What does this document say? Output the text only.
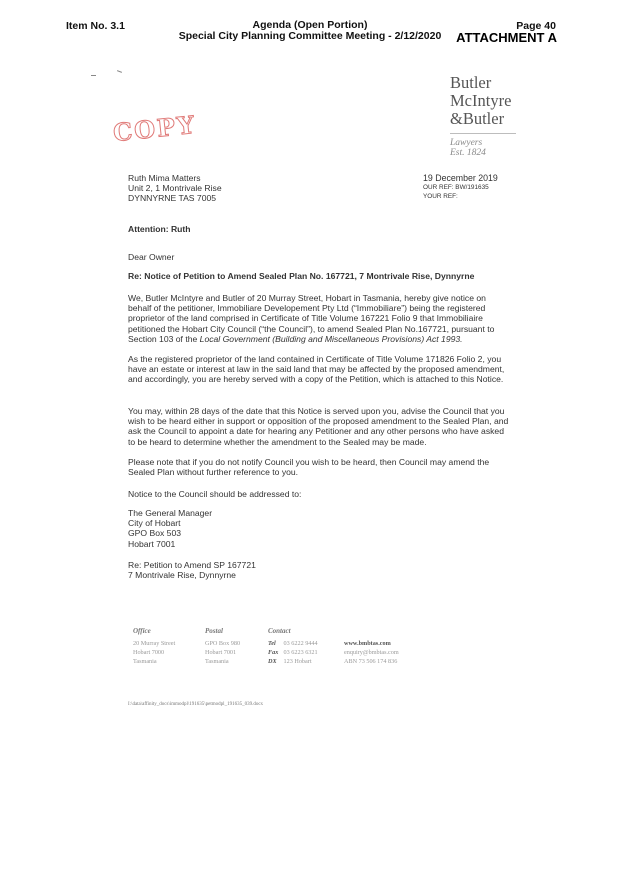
Item No. 3.1	Agenda (Open Portion)
Special City Planning Committee Meeting - 2/12/2020
Page 40
ATTACHMENT A
COPY
Butler
McIntyre
&Butler
Lawyers
Est. 1824
Ruth Mima Matters
Unit 2, 1 Montrivale Rise
DYNNYRNE TAS 7005
19 December 2019
OUR REF: BW/191635
YOUR REF:
Attention: Ruth
Dear Owner
Re: Notice of Petition to Amend Sealed Plan No. 167721, 7 Montrivale Rise, Dynnyrne
We, Butler McIntyre and Butler of 20 Murray Street, Hobart in Tasmania, hereby give notice on behalf of the petitioner, Immobiliare Developement Pty Ltd (“Immobiliare”) being the registered proprietor of the land comprised in Certificate of Title Volume 167221 Folio 9 that Immobiliaire petitioned the Hobart City Council (“the Council”), to amend Sealed Plan No.167721, pursuant to Section 103 of the Local Government (Building and Miscellaneous Provisions) Act 1993.
As the registered proprietor of the land contained in Certificate of Title Volume 171826 Folio 2, you have an estate or interest at law in the said land that may be affected by the proposed amendment, and accordingly, you are hereby served with a copy of the Petition, which is attached to this Notice.
You may, within 28 days of the date that this Notice is served upon you, advise the Council that you wish to be heard either in support or opposition of the proposed amendment to the Sealed Plan, and ask the Council to appoint a date for hearing any Petitioner and any other persons who have asked to be heard to determine whether the amendment to the Sealed may be made.
Please note that if you do not notify Council you wish to be heard, then Council may amend the Sealed Plan without further reference to you.
Notice to the Council should be addressed to:
The General Manager
City of Hobart
GPO Box 503
Hobart 7001
Re: Petition to Amend SP 167721
7 Montrivale Rise, Dynnyrne
Office
20 Murray Street
Hobart 7000
Tasmania
Postal
GPO Box 980
Hobart 7001
Tasmania
Contact
Tel 03 6222 9444
Fax 03 6223 6321
DX 123 Hobart
www.bmbtas.com
enquiry@bmbtas.com
ABN 73 506 174 836
I:\data\affinity_docs\immodpl\191635\petmodpl_191635_039.docx
